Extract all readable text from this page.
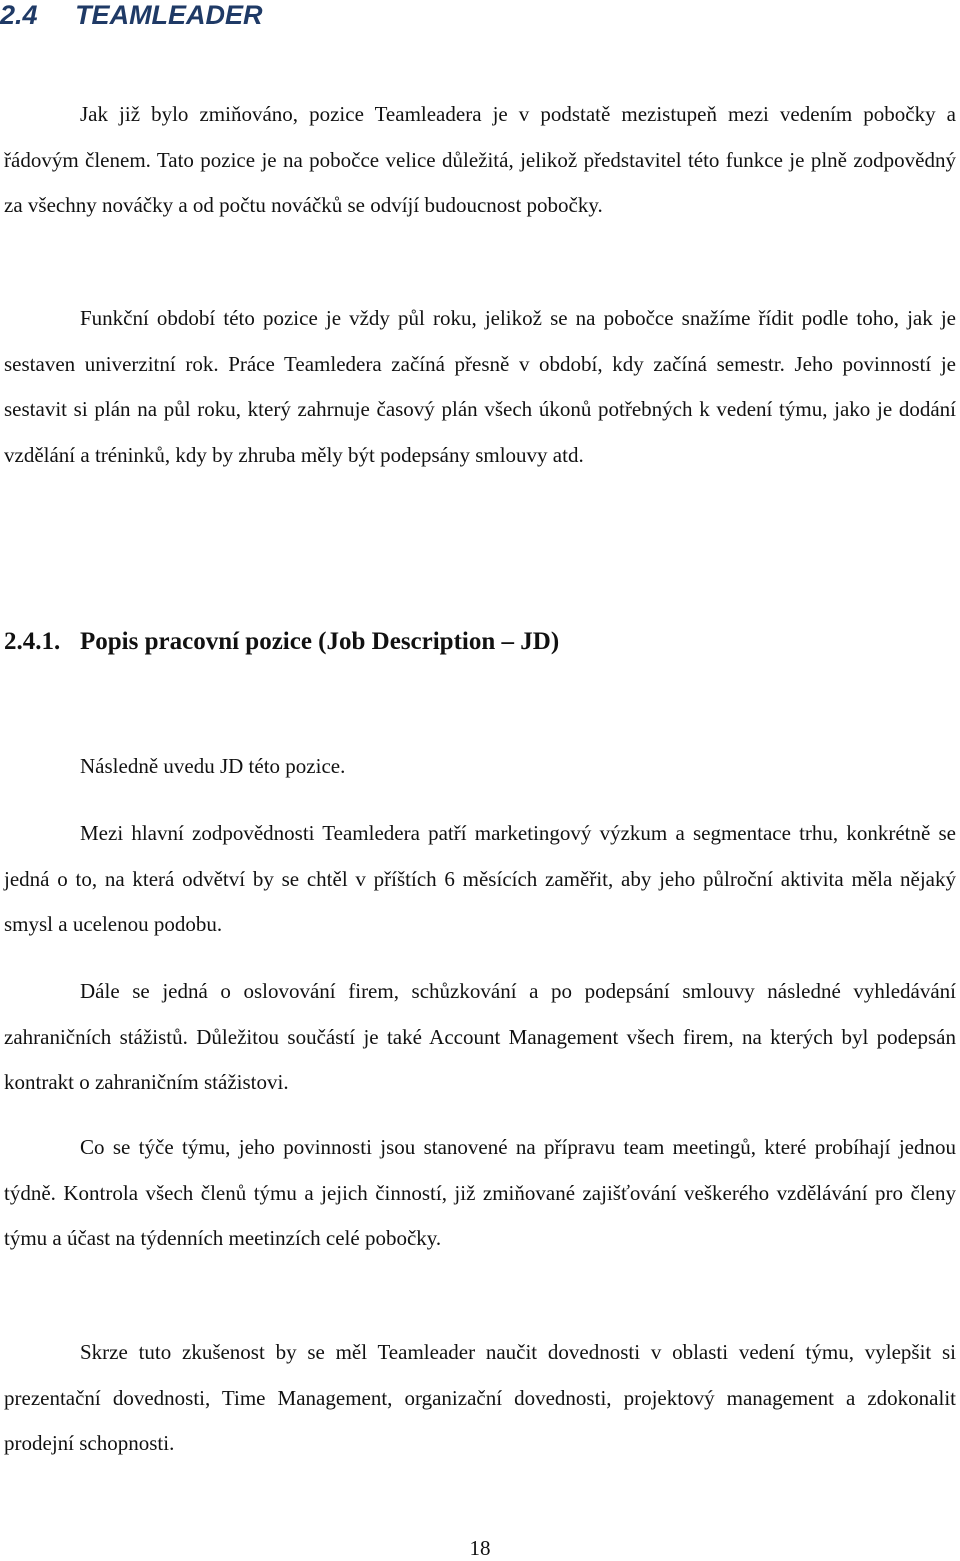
2.4 TEAMLEADER

Jak již bylo zmiňováno, pozice Teamleadera je v podstatě mezistupeň mezi vedením pobočky a řádovým členem. Tato pozice je na pobočce velice důležitá, jelikož představitel této funkce je plně zodpovědný za všechny nováčky a od počtu nováčků se odvíjí budoucnost pobočky.

Funkční období této pozice je vždy půl roku, jelikož se na pobočce snažíme řídit podle toho, jak je sestaven univerzitní rok. Práce Teamledera začíná přesně v období, kdy začíná semestr. Jeho povinností je sestavit si plán na půl roku, který zahrnuje časový plán všech úkonů potřebných k vedení týmu, jako je dodání vzdělání a tréninků, kdy by zhruba měly být podepsány smlouvy atd.

2.4.1. Popis pracovní pozice (Job Description – JD)

Následně uvedu JD této pozice.

Mezi hlavní zodpovědnosti Teamledera patří marketingový výzkum a segmentace trhu, konkrétně se jedná o to, na která odvětví by se chtěl v příštích 6 měsících zaměřit, aby jeho půlroční aktivita měla nějaký smysl a ucelenou podobu.

Dále se jedná o oslovování firem, schůzkování a po podepsání smlouvy následné vyhledávání zahraničních stážistů. Důležitou součástí je také Account Management všech firem, na kterých byl podepsán kontrakt o zahraničním stážistovi.

Co se týče týmu, jeho povinnosti jsou stanovené na přípravu team meetingů, které probíhají jednou týdně. Kontrola všech členů týmu a jejich činností, již zmiňované zajišťování veškerého vzdělávání pro členy týmu a účast na týdenních meetinzích celé pobočky.

Skrze tuto zkušenost by se měl Teamleader naučit dovednosti v oblasti vedení týmu, vylepšit si prezentační dovednosti, Time Management, organizační dovednosti, projektový management a zdokonalit prodejní schopnosti.

18
